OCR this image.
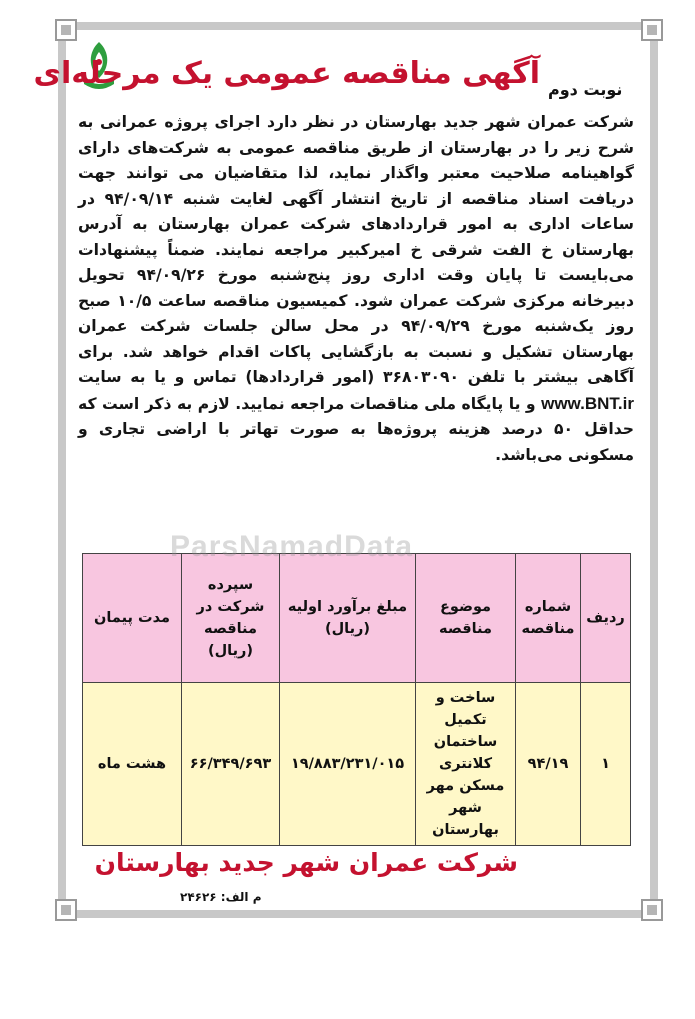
نوبت دوم
آگهی مناقصه عمومی یک مرحله‌ای

شرکت عمران شهر جدید بهارستان در نظر دارد اجرای پروژه عمرانی به شرح زیر را در بهارستان از طریق مناقصه عمومی به شرکت‌های دارای گواهینامه صلاحیت معتبر واگذار نماید، لذا متقاضیان می توانند جهت دریافت اسناد مناقصه از تاریخ انتشار آگهی لغایت شنبه ۹۴/۰۹/۱۴ در ساعات اداری به امور قراردادهای شرکت عمران بهارستان به آدرس بهارستان خ الفت شرقی خ امیرکبیر مراجعه نمایند. ضمناً پیشنهادات می‌بایست تا پایان وقت اداری روز پنج‌شنبه مورخ ۹۴/۰۹/۲۶ تحویل دبیرخانه مرکزی شرکت عمران شود. کمیسیون مناقصه ساعت ۱۰/۵ صبح روز یک‌شنبه مورخ ۹۴/۰۹/۲۹ در محل سالن جلسات شرکت عمران بهارستان تشکیل و نسبت به بازگشایی پاکات اقدام خواهد شد. برای آگاهی بیشتر با تلفن ۳۶۸۰۳۰۹۰ (امور قراردادها) تماس و یا به سایت www.BNT.ir و یا پایگاه ملی مناقصات مراجعه نمایید. لازم به ذکر است که حداقل ۵۰ درصد هزینه پروژه‌ها به صورت تهاتر با اراضی تجاری و مسکونی می‌باشد.

ردیف	شماره مناقصه	موضوع مناقصه	مبلغ برآورد اولیه (ریال)	سپرده شرکت در مناقصه (ریال)	مدت پیمان
۱	۹۴/۱۹	ساخت و تکمیل ساختمان کلانتری مسکن مهر شهر بهارستان	۱۹/۸۸۳/۲۳۱/۰۱۵	۶۶/۳۴۹/۶۹۳	هشت ماه
ParsNamadData
شرکت عمران شهر جدید بهارستان
م الف: ۲۴۶۲۶
